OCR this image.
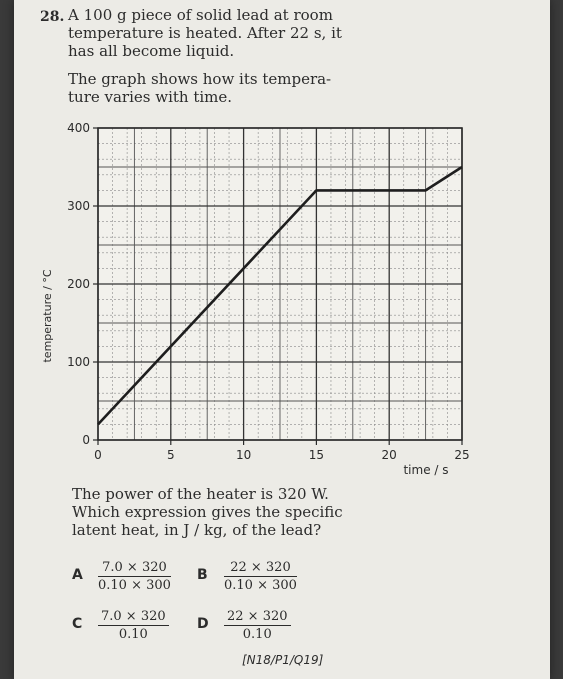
28. A 100 g piece of solid lead at room
temperature is heated. After 22 s, it
has all become liquid.
The graph shows how its tempera-
ture varies with time.
0	5	10	15	20	25
0
100
200
300
400
temperature / °C
time / s
The power of the heater is 320 W.
Which expression gives the specific
latent heat, in J / kg, of the lead?
A $\frac{7.0 \times 320}{0.10 \times 300}$ B $\frac{22 \times 320}{0.10 \times 300}$
C $\frac{7.0 \times 320}{0.10}$ D $\frac{22 \times 320}{0.10}$
[N18/P1/Q19]
